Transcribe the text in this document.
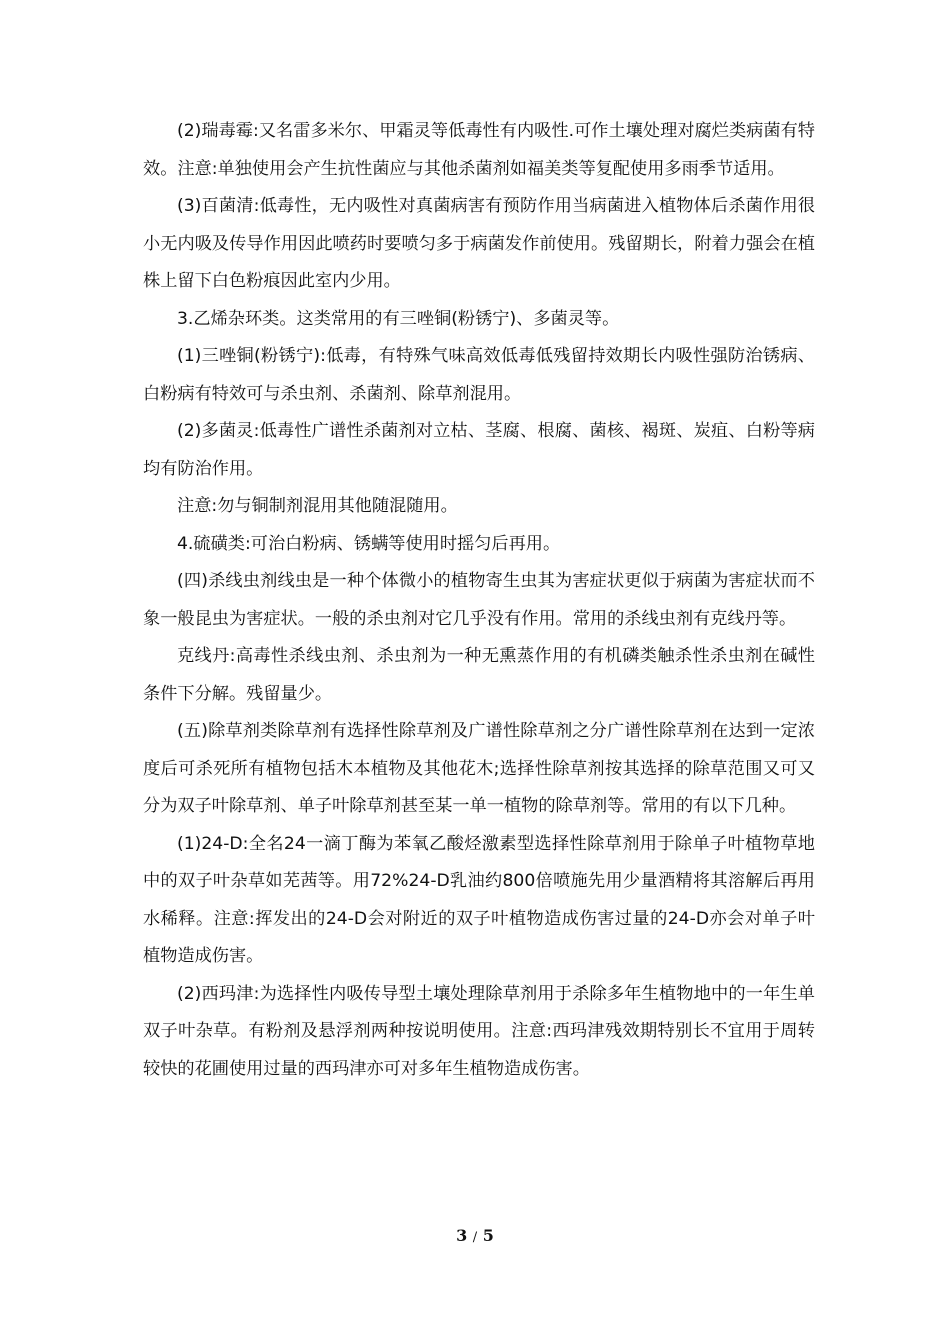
(2)瑞毒霉:又名雷多米尔、甲霜灵等低毒性有内吸性.可作土壤处理对腐烂类病菌有特效。注意:单独使用会产生抗性菌应与其他杀菌剂如福美类等复配使用多雨季节适用。

(3)百菌清:低毒性，无内吸性对真菌病害有预防作用当病菌进入植物体后杀菌作用很小无内吸及传导作用因此喷药时要喷匀多于病菌发作前使用。残留期长，附着力强会在植株上留下白色粉痕因此室内少用。

3.乙烯杂环类。这类常用的有三唑铜(粉锈宁)、多菌灵等。

(1)三唑铜(粉锈宁):低毒，有特殊气味高效低毒低残留持效期长内吸性强防治锈病、白粉病有特效可与杀虫剂、杀菌剂、除草剂混用。

(2)多菌灵:低毒性广谱性杀菌剂对立枯、茎腐、根腐、菌核、褐斑、炭疽、白粉等病均有防治作用。

注意:勿与铜制剂混用其他随混随用。

4.硫磺类:可治白粉病、锈螨等使用时摇匀后再用。

(四)杀线虫剂线虫是一种个体微小的植物寄生虫其为害症状更似于病菌为害症状而不象一般昆虫为害症状。一般的杀虫剂对它几乎没有作用。常用的杀线虫剂有克线丹等。

克线丹:高毒性杀线虫剂、杀虫剂为一种无熏蒸作用的有机磷类触杀性杀虫剂在碱性条件下分解。残留量少。

(五)除草剂类除草剂有选择性除草剂及广谱性除草剂之分广谱性除草剂在达到一定浓度后可杀死所有植物包括木本植物及其他花木;选择性除草剂按其选择的除草范围又可又分为双子叶除草剂、单子叶除草剂甚至某一单一植物的除草剂等。常用的有以下几种。

(1)24-D:全名24一滴丁酶为苯氧乙酸烃激素型选择性除草剂用于除单子叶植物草地中的双子叶杂草如芜茜等。用72%24-D乳油约800倍喷施先用少量酒精将其溶解后再用水稀释。注意:挥发出的24-D会对附近的双子叶植物造成伤害过量的24-D亦会对单子叶植物造成伤害。

(2)西玛津:为选择性内吸传导型土壤处理除草剂用于杀除多年生植物地中的一年生单双子叶杂草。有粉剂及悬浮剂两种按说明使用。注意:西玛津残效期特别长不宜用于周转较快的花圃使用过量的西玛津亦可对多年生植物造成伤害。

3 / 5
